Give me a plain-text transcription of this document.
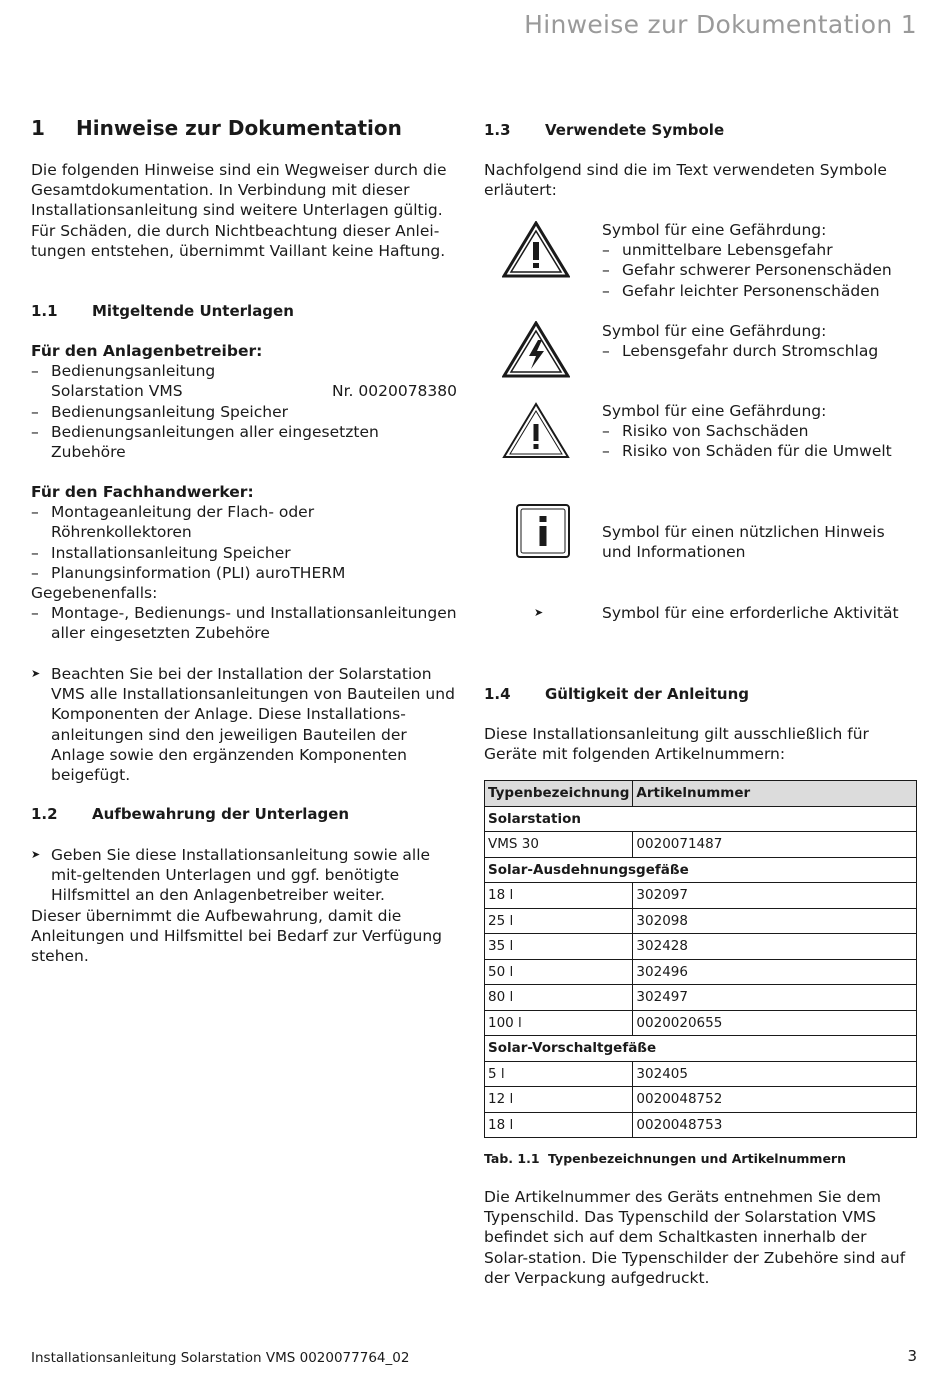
Hinweise zur Dokumentation 1
1 Hinweise zur Dokumentation
Die folgenden Hinweise sind ein Wegweiser durch die
Gesamtdokumentation. In Verbindung mit dieser
Installationsanleitung sind weitere Unterlagen gültig.
Für Schäden, die durch Nichtbeachtung dieser Anlei-
tungen entstehen, übernimmt Vaillant keine Haftung.
1.1 Mitgeltende Unterlagen
Für den Anlagenbetreiber:
– Bedienungsanleitung
Solarstation VMS	Nr. 0020078380
– Bedienungsanleitung Speicher
– Bedienungsanleitungen aller eingesetzten Zubehöre
Für den Fachhandwerker:
– Montageanleitung der Flach- oder Röhrenkollektoren
– Installationsanleitung Speicher
– Planungsinformation (PLI) auroTHERM
Gegebenenfalls:
– Montage-, Bedienungs- und Installationsanleitungen aller eingesetzten Zubehöre
➤ Beachten Sie bei der Installation der Solarstation VMS alle Installationsanleitungen von Bauteilen und Komponenten der Anlage. Diese Installations-anleitungen sind den jeweiligen Bauteilen der Anlage sowie den ergänzenden Komponenten beigefügt.
1.2 Aufbewahrung der Unterlagen
➤ Geben Sie diese Installationsanleitung sowie alle mit-geltenden Unterlagen und ggf. benötigte Hilfsmittel an den Anlagenbetreiber weiter.

Dieser übernimmt die Aufbewahrung, damit die Anleitungen und Hilfsmittel bei Bedarf zur Verfügung stehen.

1.3 Verwendete Symbole

Nachfolgend sind die im Text verwendeten Symbole erläutert:

Symbol für eine Gefährdung:
– unmittelbare Lebensgefahr
– Gefahr schwerer Personenschäden
– Gefahr leichter Personenschäden
Symbol für eine Gefährdung:
– Lebensgefahr durch Stromschlag
Symbol für eine Gefährdung:
– Risiko von Sachschäden
– Risiko von Schäden für die Umwelt
Symbol für einen nützlichen Hinweis und Informationen
➤	Symbol für eine erforderliche Aktivität
1.4 Gültigkeit der Anleitung

Diese Installationsanleitung gilt ausschließlich für Geräte mit folgenden Artikelnummern:

Typenbezeichnung	Artikelnummer
Solarstation	
VMS 30	0020071487
Solar-Ausdehnungsgefäße	
18 l	302097
25 l	302098
35 l	302428
50 l	302496
80 l	302497
100 l	0020020655
Solar-Vorschaltgefäße	
5 l	302405
12 l	0020048752
18 l	0020048753
Tab. 1.1 Typenbezeichnungen und Artikelnummern

Die Artikelnummer des Geräts entnehmen Sie dem Typenschild. Das Typenschild der Solarstation VMS befindet sich auf dem Schaltkasten innerhalb der Solar-station. Die Typenschilder der Zubehöre sind auf der Verpackung aufgedruckt.

Installationsanleitung Solarstation VMS 0020077764_02	3
